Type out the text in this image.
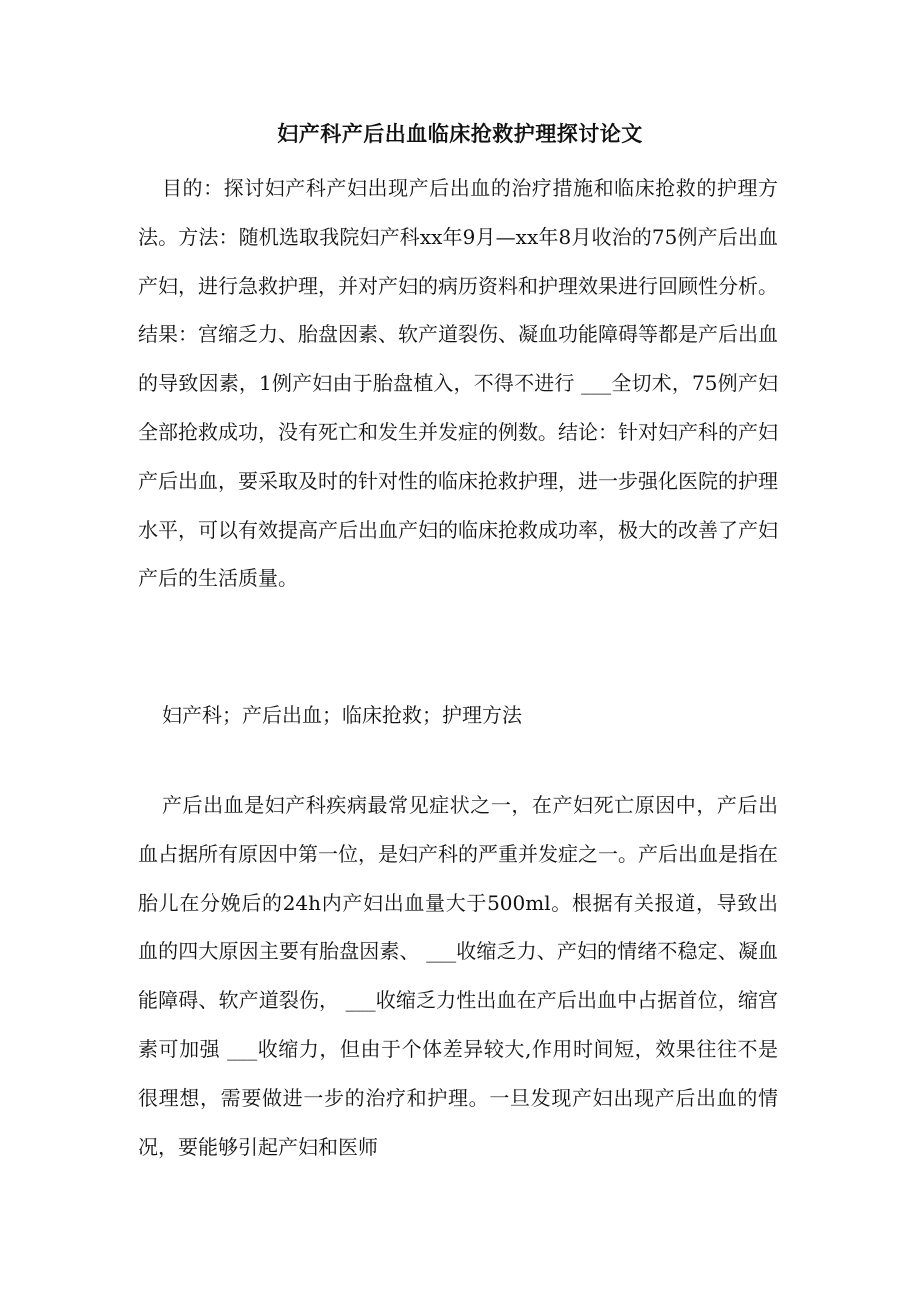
妇产科产后出血临床抢救护理探讨论文

目的：探讨妇产科产妇出现产后出血的治疗措施和临床抢救的护理方法。方法：随机选取我院妇产科xx年9月—xx年8月收治的75例产后出血产妇，进行急救护理，并对产妇的病历资料和护理效果进行回顾性分析。结果：宫缩乏力、胎盘因素、软产道裂伤、凝血功能障碍等都是产后出血的导致因素，1例产妇由于胎盘植入，不得不进行 ___全切术，75例产妇全部抢救成功，没有死亡和发生并发症的例数。结论：针对妇产科的产妇产后出血，要采取及时的针对性的临床抢救护理，进一步强化医院的护理水平，可以有效提高产后出血产妇的临床抢救成功率，极大的改善了产妇产后的生活质量。

妇产科；产后出血；临床抢救；护理方法

产后出血是妇产科疾病最常见症状之一，在产妇死亡原因中，产后出血占据所有原因中第一位，是妇产科的严重并发症之一。产后出血是指在胎儿在分娩后的24h内产妇出血量大于500ml。根据有关报道，导致出血的四大原因主要有胎盘因素、 ___收缩乏力、产妇的情绪不稳定、凝血能障碍、软产道裂伤， ___收缩乏力性出血在产后出血中占据首位，缩宫素可加强 ___收缩力，但由于个体差异较大,作用时间短，效果往往不是很理想，需要做进一步的治疗和护理。一旦发现产妇出现产后出血的情况，要能够引起产妇和医师
